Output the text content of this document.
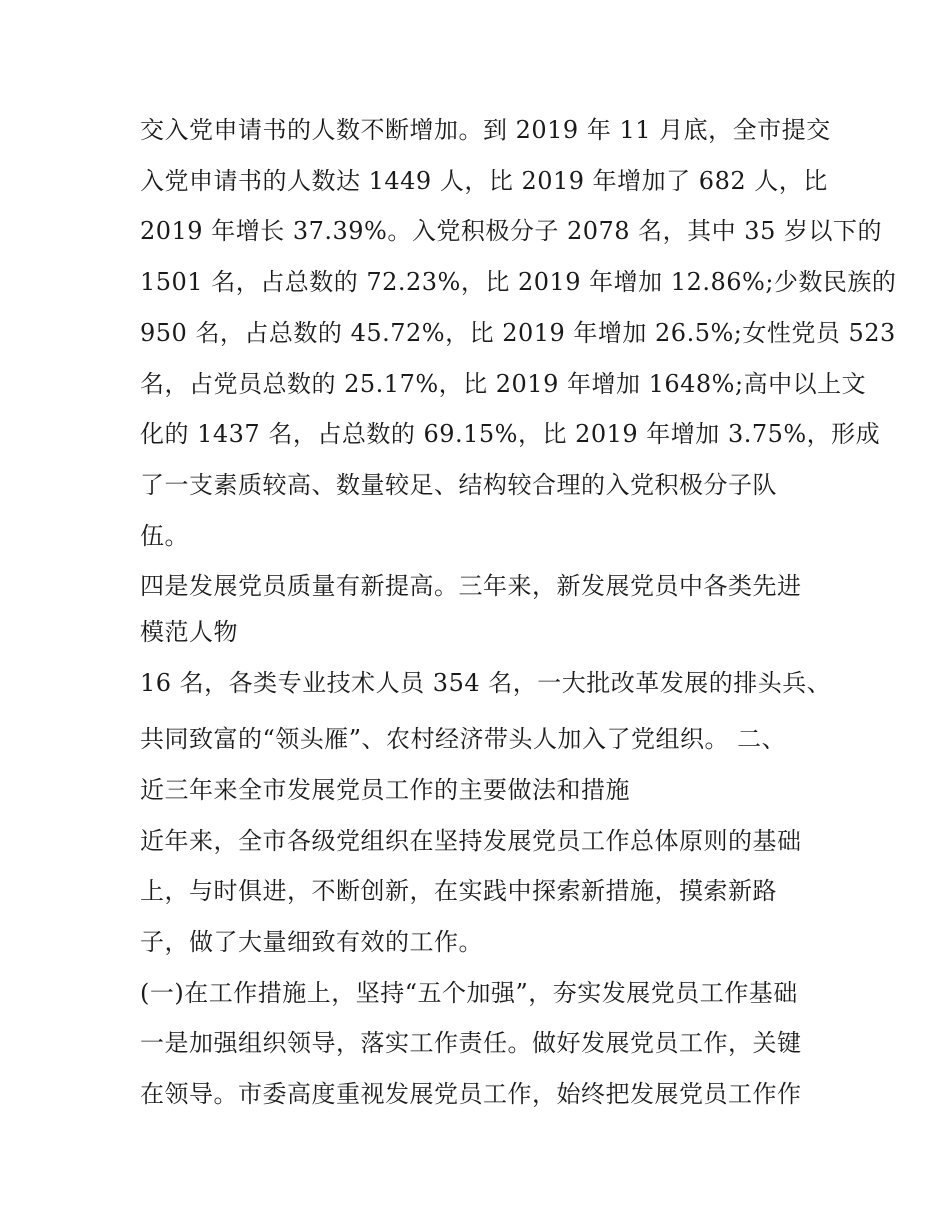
交入党申请书的人数不断增加。到 2019 年 11 月底，全市提交
入党申请书的人数达 1449 人，比 2019 年增加了 682 人，比
2019 年增长 37.39%。入党积极分子 2078 名，其中 35 岁以下的
1501 名，占总数的 72.23%，比 2019 年增加 12.86%;少数民族的
950 名，占总数的 45.72%，比 2019 年增加 26.5%;女性党员 523
名，占党员总数的 25.17%，比 2019 年增加 1648%;高中以上文
化的 1437 名，占总数的 69.15%，比 2019 年增加 3.75%，形成
了一支素质较高、数量较足、结构较合理的入党积极分子队
伍。
四是发展党员质量有新提高。三年来，新发展党员中各类先进
模范人物
16 名，各类专业技术人员 354 名，一大批改革发展的排头兵、
共同致富的“领头雁”、农村经济带头人加入了党组织。 二、
近三年来全市发展党员工作的主要做法和措施
近年来，全市各级党组织在坚持发展党员工作总体原则的基础
上，与时俱进，不断创新，在实践中探索新措施，摸索新路
子，做了大量细致有效的工作。
(一)在工作措施上，坚持“五个加强”，夯实发展党员工作基础
一是加强组织领导，落实工作责任。做好发展党员工作，关键
在领导。市委高度重视发展党员工作，始终把发展党员工作作
